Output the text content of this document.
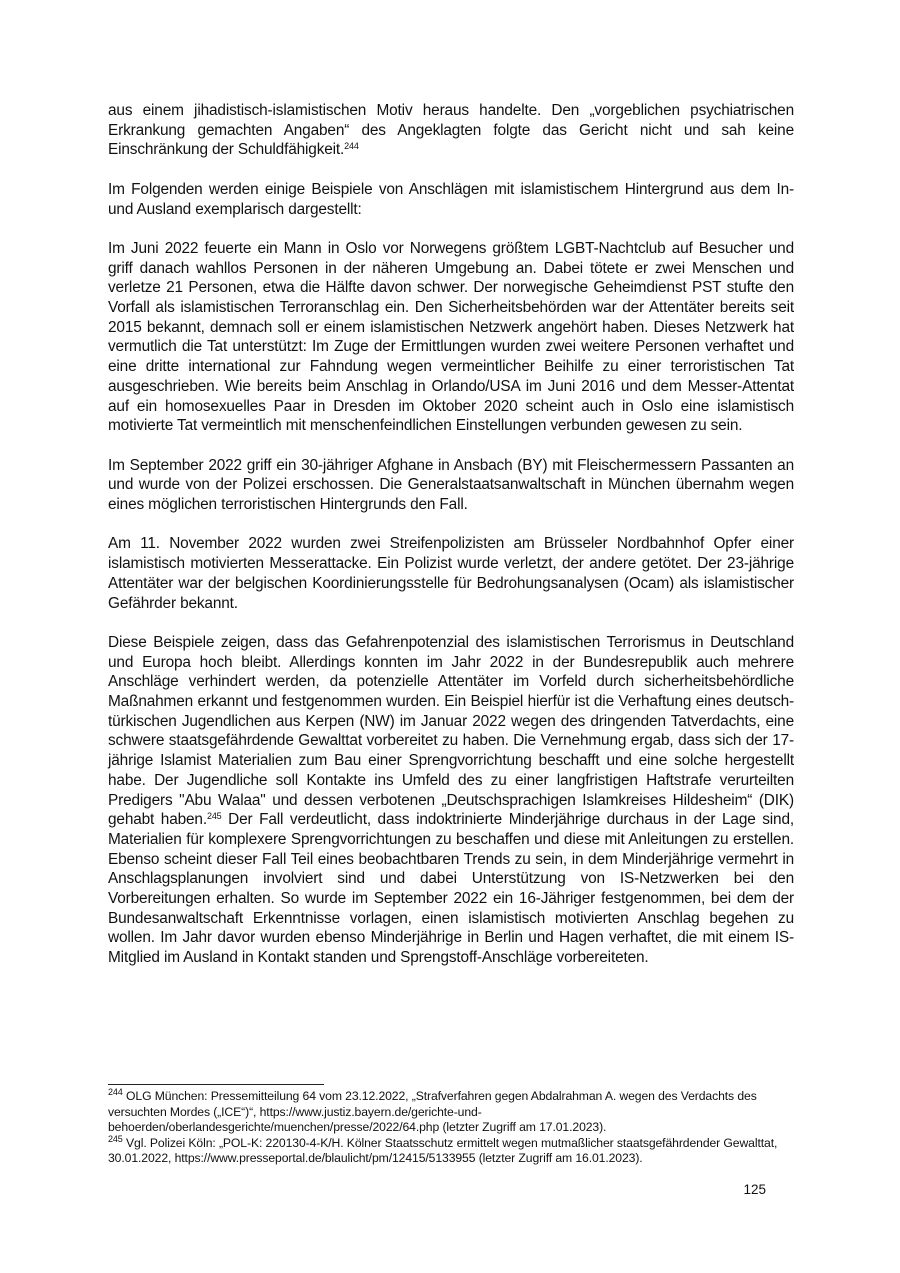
aus einem jihadistisch-islamistischen Motiv heraus handelte. Den „vorgeblichen psychiatrischen Erkrankung gemachten Angaben“ des Angeklagten folgte das Gericht nicht und sah keine Einschränkung der Schuldfähigkeit.$^{244}$

Im Folgenden werden einige Beispiele von Anschlägen mit islamistischem Hintergrund aus dem In- und Ausland exemplarisch dargestellt:

Im Juni 2022 feuerte ein Mann in Oslo vor Norwegens größtem LGBT-Nachtclub auf Besucher und griff danach wahllos Personen in der näheren Umgebung an. Dabei tötete er zwei Menschen und verletze 21 Personen, etwa die Hälfte davon schwer. Der norwegische Geheimdienst PST stufte den Vorfall als islamistischen Terroranschlag ein. Den Sicherheitsbehörden war der Attentäter bereits seit 2015 bekannt, demnach soll er einem islamistischen Netzwerk angehört haben. Dieses Netzwerk hat vermutlich die Tat unterstützt: Im Zuge der Ermittlungen wurden zwei weitere Personen verhaftet und eine dritte international zur Fahndung wegen vermeintlicher Beihilfe zu einer terroristischen Tat ausgeschrieben. Wie bereits beim Anschlag in Orlando/USA im Juni 2016 und dem Messer-Attentat auf ein homosexuelles Paar in Dresden im Oktober 2020 scheint auch in Oslo eine islamistisch motivierte Tat vermeintlich mit menschenfeindlichen Einstellungen verbunden gewesen zu sein.

Im September 2022 griff ein 30-jähriger Afghane in Ansbach (BY) mit Fleischermessern Passanten an und wurde von der Polizei erschossen. Die Generalstaatsanwaltschaft in München übernahm wegen eines möglichen terroristischen Hintergrunds den Fall.

Am 11. November 2022 wurden zwei Streifenpolizisten am Brüsseler Nordbahnhof Opfer einer islamistisch motivierten Messerattacke. Ein Polizist wurde verletzt, der andere getötet. Der 23-jährige Attentäter war der belgischen Koordinierungsstelle für Bedrohungsanalysen (Ocam) als islamistischer Gefährder bekannt.

Diese Beispiele zeigen, dass das Gefahrenpotenzial des islamistischen Terrorismus in Deutschland und Europa hoch bleibt. Allerdings konnten im Jahr 2022 in der Bundesrepublik auch mehrere Anschläge verhindert werden, da potenzielle Attentäter im Vorfeld durch sicherheitsbehördliche Maßnahmen erkannt und festgenommen wurden. Ein Beispiel hierfür ist die Verhaftung eines deutsch-türkischen Jugendlichen aus Kerpen (NW) im Januar 2022 wegen des dringenden Tatverdachts, eine schwere staatsgefährdende Gewalttat vorbereitet zu haben. Die Vernehmung ergab, dass sich der 17-jährige Islamist Materialien zum Bau einer Sprengvorrichtung beschafft und eine solche hergestellt habe. Der Jugendliche soll Kontakte ins Umfeld des zu einer langfristigen Haftstrafe verurteilten Predigers "Abu Walaa" und dessen verbotenen „Deutschsprachigen Islamkreises Hildesheim“ (DIK) gehabt haben.$^{245}$ Der Fall verdeutlicht, dass indoktrinierte Minderjährige durchaus in der Lage sind, Materialien für komplexere Sprengvorrichtungen zu beschaffen und diese mit Anleitungen zu erstellen. Ebenso scheint dieser Fall Teil eines beobachtbaren Trends zu sein, in dem Minderjährige vermehrt in Anschlagsplanungen involviert sind und dabei Unterstützung von IS-Netzwerken bei den Vorbereitungen erhalten. So wurde im September 2022 ein 16-Jähriger festgenommen, bei dem der Bundesanwaltschaft Erkenntnisse vorlagen, einen islamistisch motivierten Anschlag begehen zu wollen. Im Jahr davor wurden ebenso Minderjährige in Berlin und Hagen verhaftet, die mit einem IS-Mitglied im Ausland in Kontakt standen und Sprengstoff-Anschläge vorbereiteten.

$^{244}$ OLG München: Pressemitteilung 64 vom 23.12.2022, „Strafverfahren gegen Abdalrahman A. wegen des Verdachts des versuchten Mordes („ICE“)“, https://www.justiz.bayern.de/gerichte-und-behoerden/oberlandesgerichte/muenchen/presse/2022/64.php (letzter Zugriff am 17.01.2023).

$^{245}$ Vgl. Polizei Köln: „POL-K: 220130-4-K/H. Kölner Staatsschutz ermittelt wegen mutmaßlicher staatsgefährdender Gewalttat, 30.01.2022, https://www.presseportal.de/blaulicht/pm/12415/5133955 (letzter Zugriff am 16.01.2023).

125
